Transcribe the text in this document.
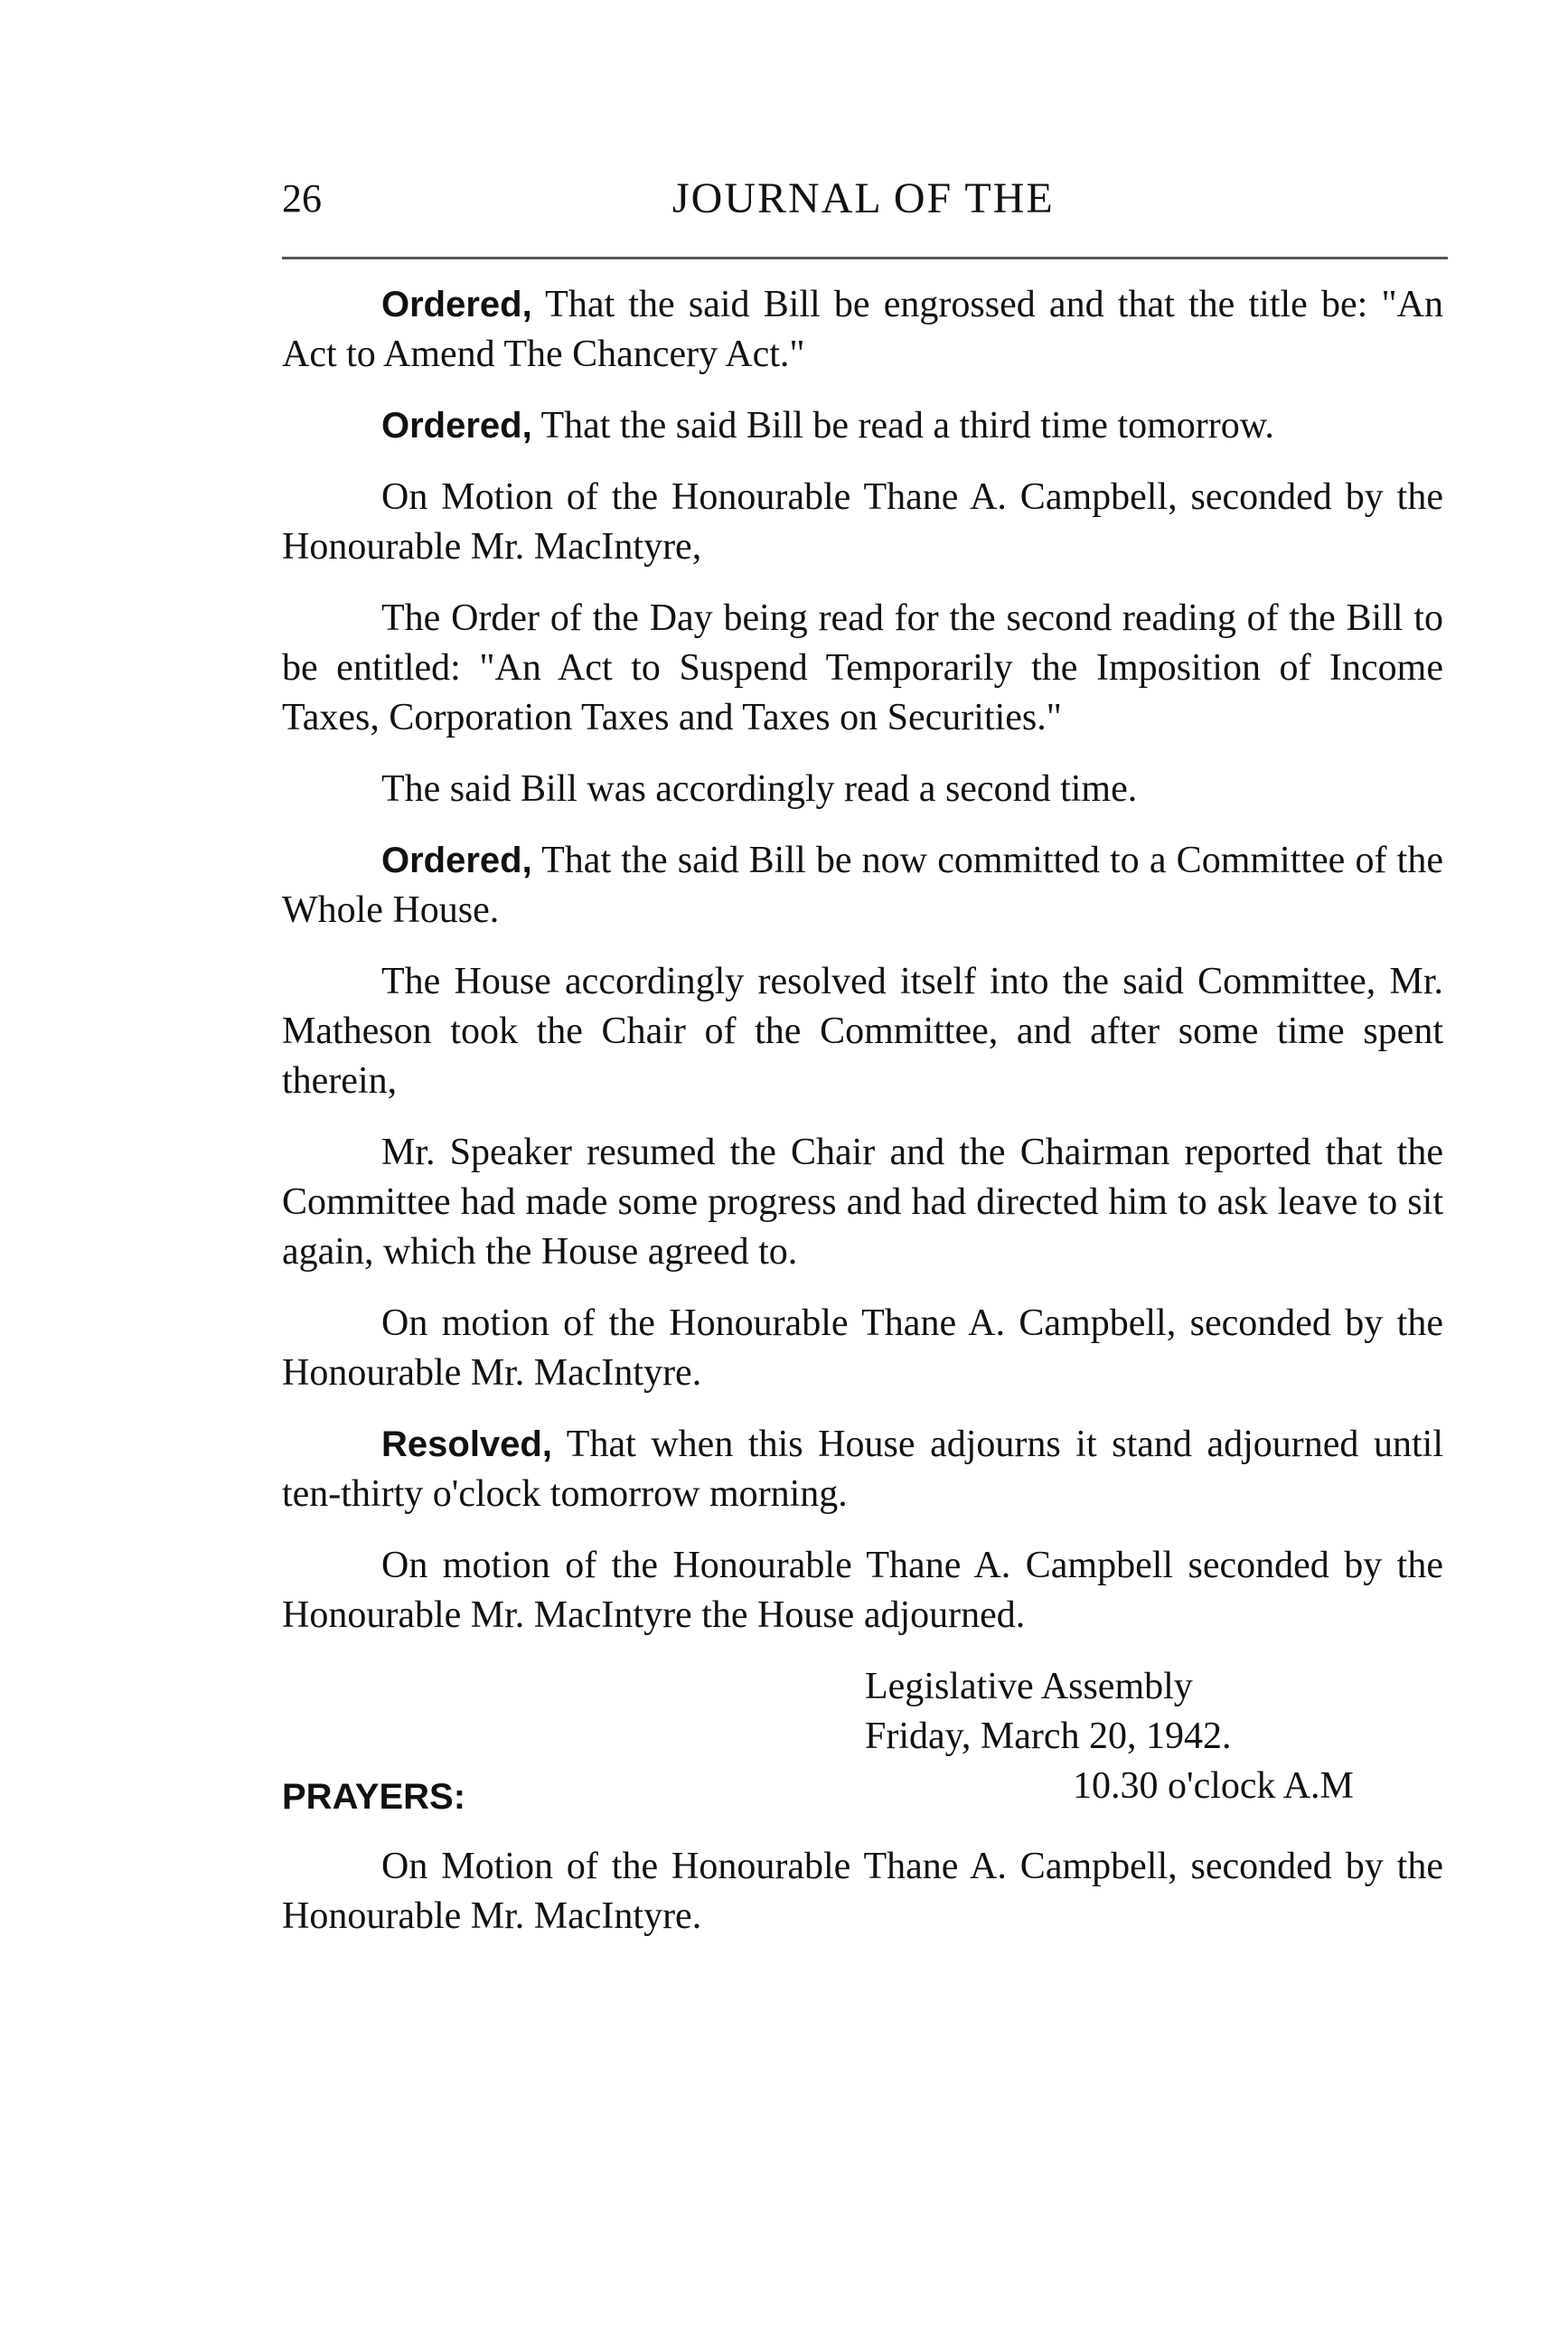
26	JOURNAL OF THE

Ordered, That the said Bill be engrossed and that the title be: "An Act to Amend The Chancery Act."

Ordered, That the said Bill be read a third time tomorrow.

On Motion of the Honourable Thane A. Campbell, seconded by the Honourable Mr. MacIntyre,

The Order of the Day being read for the second reading of the Bill to be entitled: "An Act to Suspend Temporarily the Imposition of Income Taxes, Corporation Taxes and Taxes on Securities."

The said Bill was accordingly read a second time.

Ordered, That the said Bill be now committed to a Committee of the Whole House.

The House accordingly resolved itself into the said Committee, Mr. Matheson took the Chair of the Committee, and after some time spent therein,

Mr. Speaker resumed the Chair and the Chairman reported that the Committee had made some progress and had directed him to ask leave to sit again, which the House agreed to.

On motion of the Honourable Thane A. Campbell, seconded by the Honourable Mr. MacIntyre.

Resolved, That when this House adjourns it stand adjourned until ten-thirty o'clock tomorrow morning.

On motion of the Honourable Thane A. Campbell seconded by the Honourable Mr. MacIntyre the House adjourned.

Legislative Assembly
Friday, March 20, 1942.
10.30 o'clock A.M
PRAYERS:

On Motion of the Honourable Thane A. Campbell, seconded by the Honourable Mr. MacIntyre.
